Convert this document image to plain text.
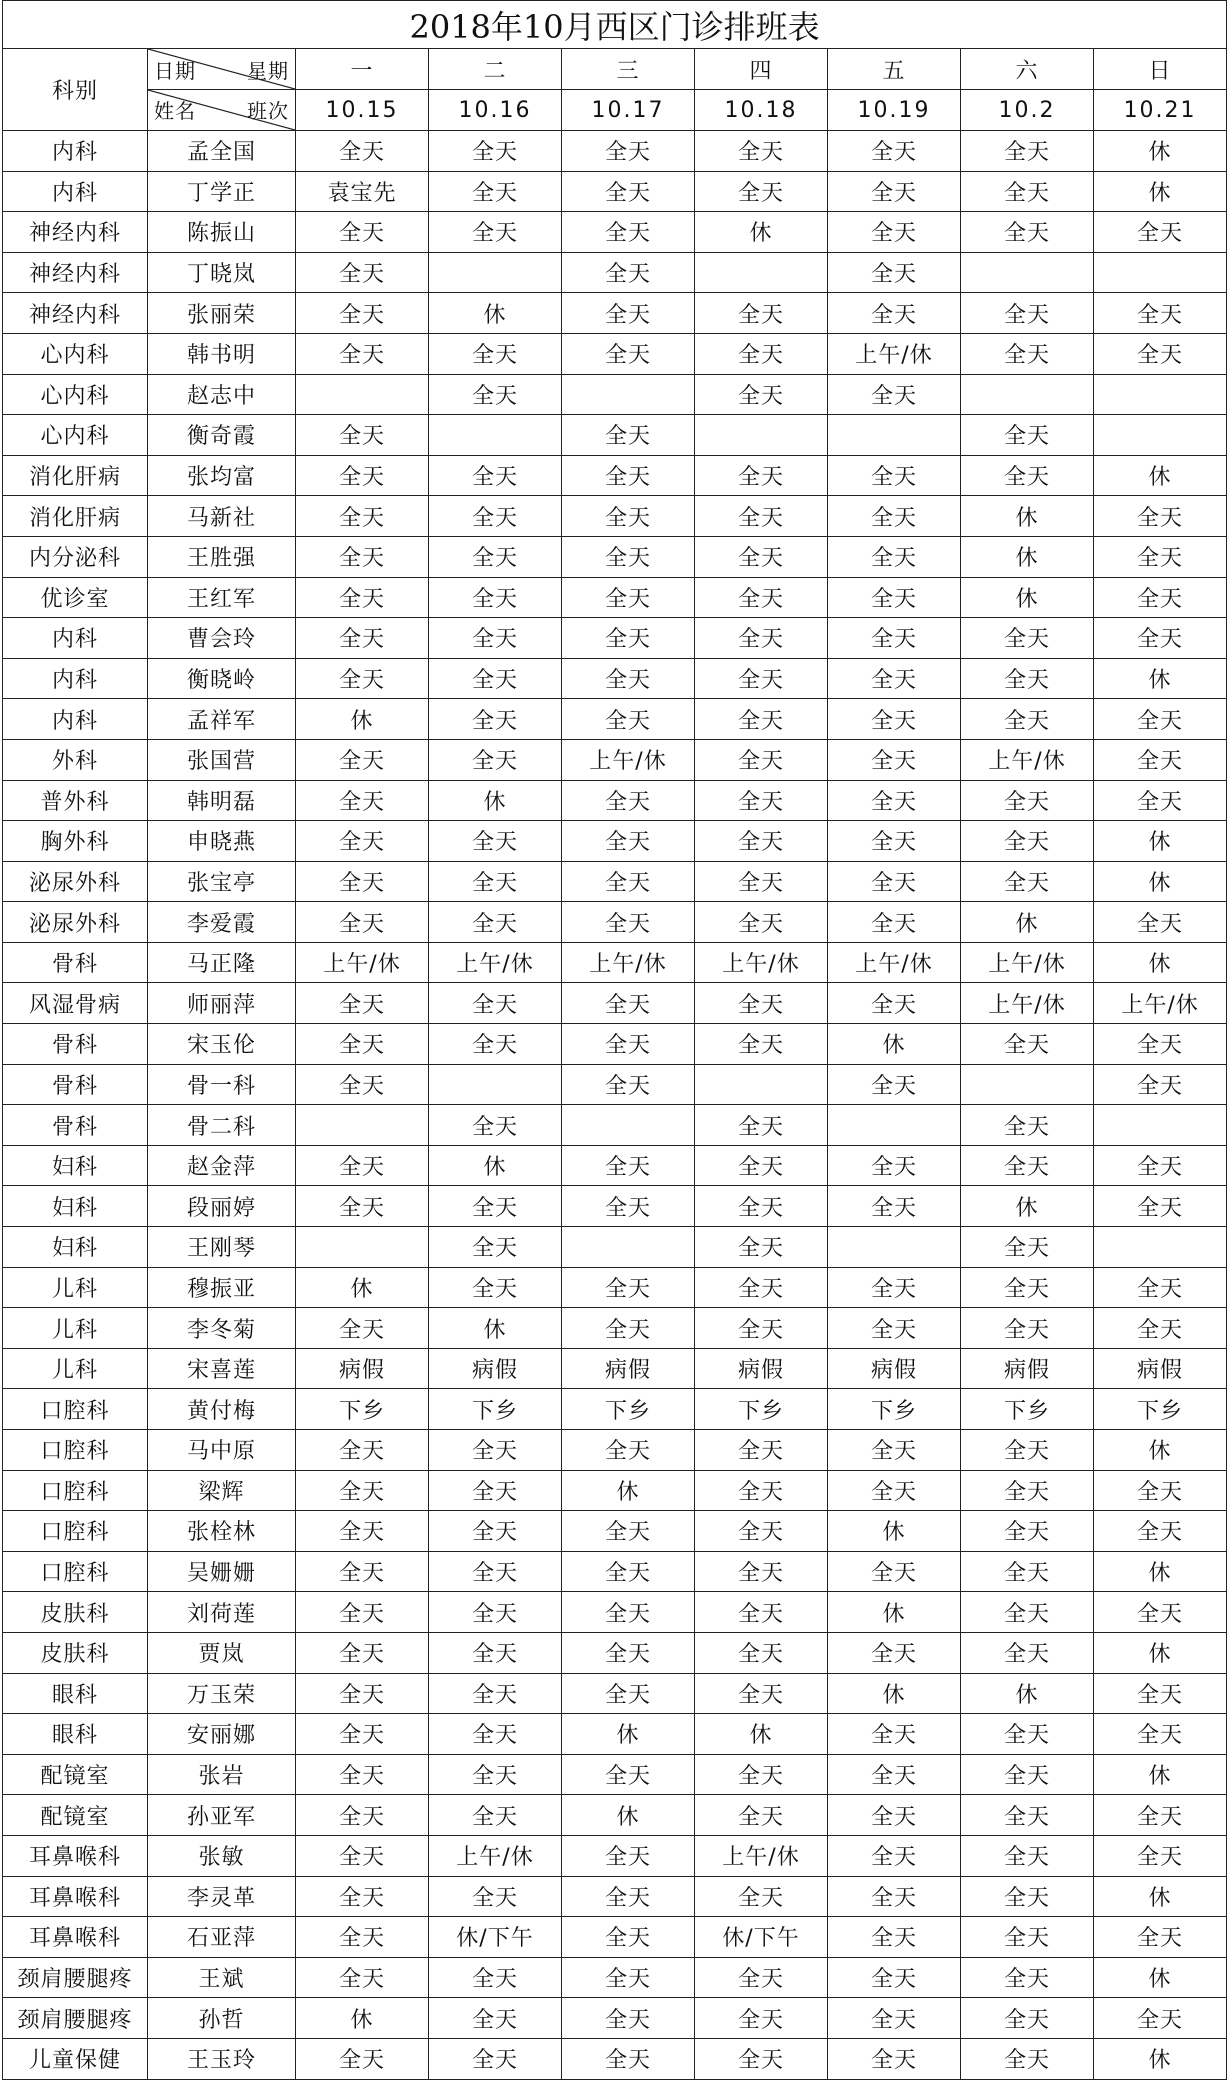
2018年10月西区门诊排班表								
科别	日期 星期	一	二	三	四	五	六	日

	姓名 班次	10.15	10.16	10.17	10.18	10.19	10.2	10.21
内科	孟全国	全天	全天	全天	全天	全天	全天	休
内科	丁学正	袁宝先	全天	全天	全天	全天	全天	休
神经内科	陈振山	全天	全天	全天	休	全天	全天	全天
神经内科	丁晓岚	全天		全天		全天		
神经内科	张丽荣	全天	休	全天	全天	全天	全天	全天
心内科	韩书明	全天	全天	全天	全天	上午/休	全天	全天
心内科	赵志中		全天		全天	全天		
心内科	衡奇霞	全天		全天			全天	
消化肝病	张均富	全天	全天	全天	全天	全天	全天	休
消化肝病	马新社	全天	全天	全天	全天	全天	休	全天
内分泌科	王胜强	全天	全天	全天	全天	全天	休	全天
优诊室	王红军	全天	全天	全天	全天	全天	休	全天
内科	曹会玲	全天	全天	全天	全天	全天	全天	全天
内科	衡晓岭	全天	全天	全天	全天	全天	全天	休
内科	孟祥军	休	全天	全天	全天	全天	全天	全天
外科	张国营	全天	全天	上午/休	全天	全天	上午/休	全天
普外科	韩明磊	全天	休	全天	全天	全天	全天	全天
胸外科	申晓燕	全天	全天	全天	全天	全天	全天	休
泌尿外科	张宝亭	全天	全天	全天	全天	全天	全天	休
泌尿外科	李爱霞	全天	全天	全天	全天	全天	休	全天
骨科	马正隆	上午/休	上午/休	上午/休	上午/休	上午/休	上午/休	休
风湿骨病	师丽萍	全天	全天	全天	全天	全天	上午/休	上午/休
骨科	宋玉伦	全天	全天	全天	全天	休	全天	全天
骨科	骨一科	全天		全天		全天		全天
骨科	骨二科		全天		全天		全天	
妇科	赵金萍	全天	休	全天	全天	全天	全天	全天
妇科	段丽婷	全天	全天	全天	全天	全天	休	全天
妇科	王刚琴		全天		全天		全天	
儿科	穆振亚	休	全天	全天	全天	全天	全天	全天
儿科	李冬菊	全天	休	全天	全天	全天	全天	全天
儿科	宋喜莲	病假	病假	病假	病假	病假	病假	病假
口腔科	黄付梅	下乡	下乡	下乡	下乡	下乡	下乡	下乡
口腔科	马中原	全天	全天	全天	全天	全天	全天	休
口腔科	梁辉	全天	全天	休	全天	全天	全天	全天
口腔科	张栓林	全天	全天	全天	全天	休	全天	全天
口腔科	吴姗姗	全天	全天	全天	全天	全天	全天	休
皮肤科	刘荷莲	全天	全天	全天	全天	休	全天	全天
皮肤科	贾岚	全天	全天	全天	全天	全天	全天	休
眼科	万玉荣	全天	全天	全天	全天	休	休	全天
眼科	安丽娜	全天	全天	休	休	全天	全天	全天
配镜室	张岩	全天	全天	全天	全天	全天	全天	休
配镜室	孙亚军	全天	全天	休	全天	全天	全天	全天
耳鼻喉科	张敏	全天	上午/休	全天	上午/休	全天	全天	全天
耳鼻喉科	李灵革	全天	全天	全天	全天	全天	全天	休
耳鼻喉科	石亚萍	全天	休/下午	全天	休/下午	全天	全天	全天
颈肩腰腿疼	王斌	全天	全天	全天	全天	全天	全天	休
颈肩腰腿疼	孙哲	休	全天	全天	全天	全天	全天	全天
儿童保健	王玉玲	全天	全天	全天	全天	全天	全天	休
